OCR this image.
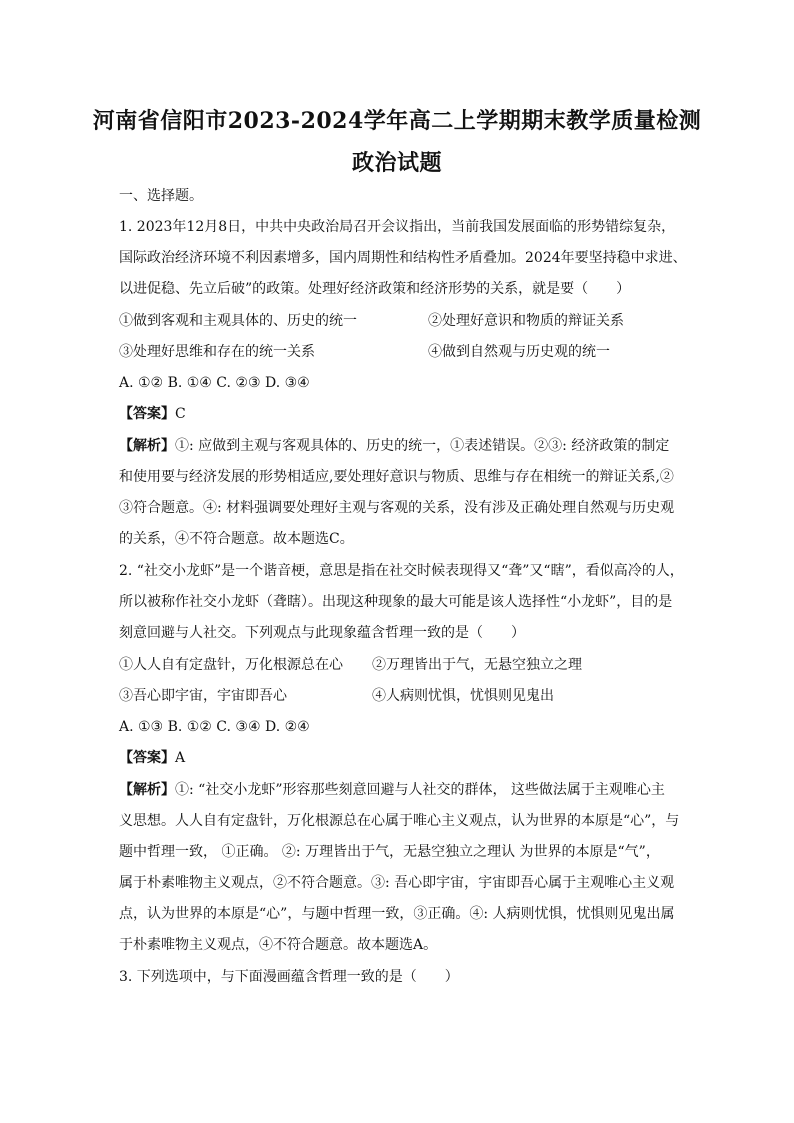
河南省信阳市2023-2024学年高二上学期期末教学质量检测
政治试题
一、选择题。
1. 2023年12月8日，中共中央政治局召开会议指出，当前我国发展面临的形势错综复杂，
国际政治经济环境不利因素增多，国内周期性和结构性矛盾叠加。2024年要坚持稳中求进、
以进促稳、先立后破”的政策。处理好经济政策和经济形势的关系，就是要（　　）
①做到客观和主观具体的、历史的统一	②处理好意识和物质的辩证关系
③处理好思维和存在的统一关系	④做到自然观与历史观的统一
A. ①② B. ①④ C. ②③ D. ③④
【答案】C
【解析】①: 应做到主观与客观具体的、历史的统一，①表述错误。②③: 经济政策的制定
和使用要与经济发展的形势相适应,要处理好意识与物质、思维与存在相统一的辩证关系,②
③符合题意。④: 材料强调要处理好主观与客观的关系，没有涉及正确处理自然观与历史观
的关系，④不符合题意。故本题选C。
2. “社交小龙虾”是一个谐音梗，意思是指在社交时候表现得又“聋”又“瞎”，看似高冷的人，
所以被称作社交小龙虾（聋瞎）。出现这种现象的最大可能是该人选择性“小龙虾”，目的是
刻意回避与人社交。下列观点与此现象蕴含哲理一致的是（　　）
①人人自有定盘针，万化根源总在心 ②万理皆出于气，无悬空独立之理
③吾心即宇宙，宇宙即吾心	④人病则忧惧，忧惧则见鬼出
A. ①③ B. ①② C. ③④ D. ②④
【答案】A
【解析】①: “社交小龙虾”形容那些刻意回避与人社交的群体， 这些做法属于主观唯心主
义思想。人人自有定盘针，万化根源总在心属于唯心主义观点，认为世界的本原是“心”，与
题中哲理一致， ①正确。 ②: 万理皆出于气，无悬空独立之理认 为世界的本原是“气”，
属于朴素唯物主义观点，②不符合题意。③: 吾心即宇宙，宇宙即吾心属于主观唯心主义观
点，认为世界的本原是“心”，与题中哲理一致，③正确。④: 人病则忧惧，忧惧则见鬼出属
于朴素唯物主义观点，④不符合题意。故本题选A。
3. 下列选项中，与下面漫画蕴含哲理一致的是（　　）
